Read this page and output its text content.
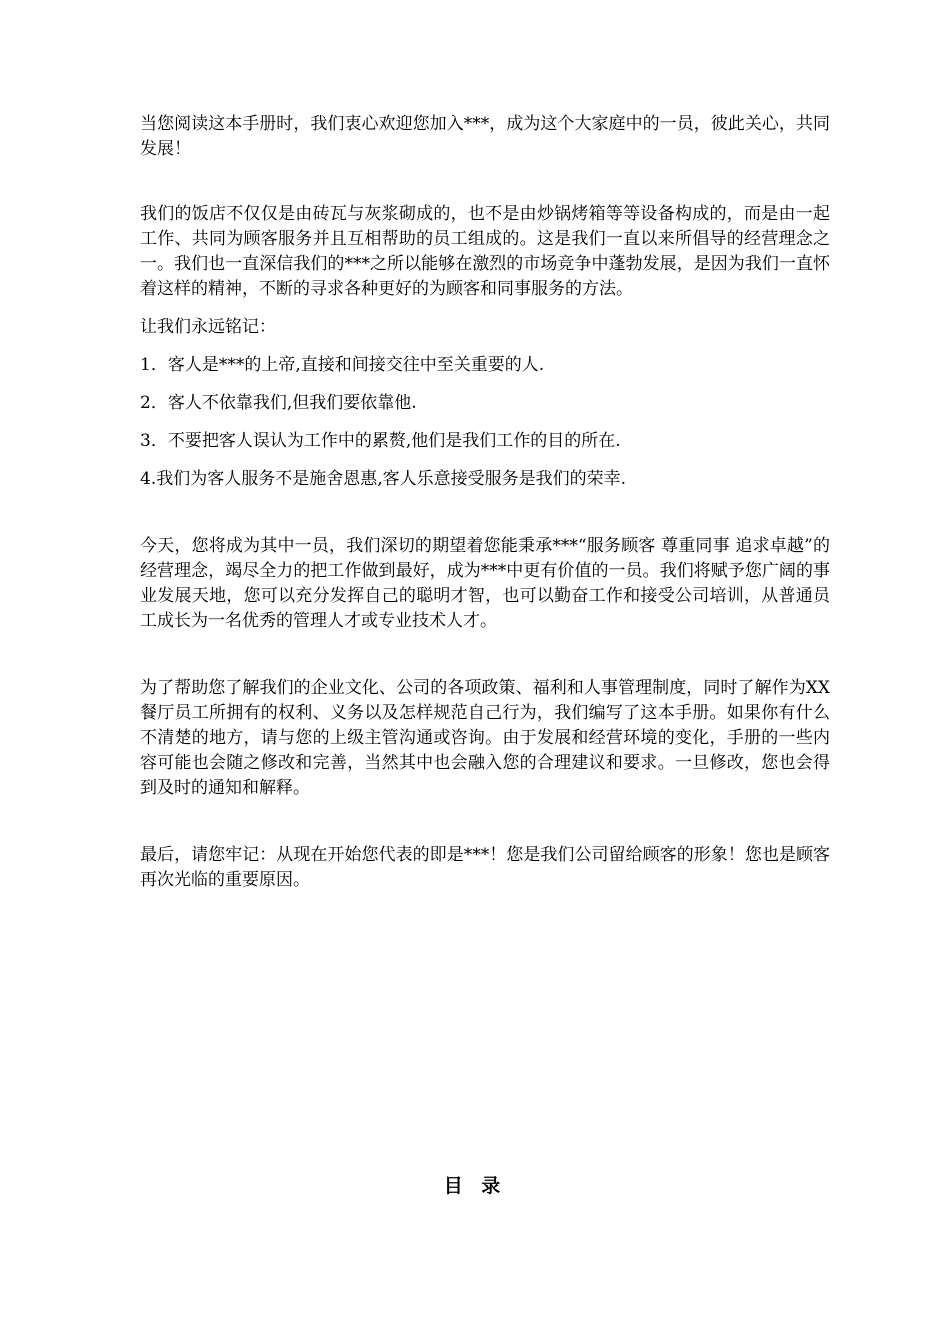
当您阅读这本手册时，我们衷心欢迎您加入***，成为这个大家庭中的一员，彼此关心，共同发展！

我们的饭店不仅仅是由砖瓦与灰浆砌成的，也不是由炒锅烤箱等等设备构成的，而是由一起工作、共同为顾客服务并且互相帮助的员工组成的。这是我们一直以来所倡导的经营理念之一。我们也一直深信我们的***之所以能够在激烈的市场竞争中蓬勃发展，是因为我们一直怀着这样的精神，不断的寻求各种更好的为顾客和同事服务的方法。

让我们永远铭记：

1．客人是***的上帝,直接和间接交往中至关重要的人.

2．客人不依靠我们,但我们要依靠他.

3．不要把客人误认为工作中的累赘,他们是我们工作的目的所在.

4.我们为客人服务不是施舍恩惠,客人乐意接受服务是我们的荣幸.

今天，您将成为其中一员，我们深切的期望着您能秉承***“服务顾客 尊重同事 追求卓越”的经营理念，竭尽全力的把工作做到最好，成为***中更有价值的一员。我们将赋予您广阔的事业发展天地，您可以充分发挥自己的聪明才智，也可以勤奋工作和接受公司培训，从普通员工成长为一名优秀的管理人才或专业技术人才。

为了帮助您了解我们的企业文化、公司的各项政策、福利和人事管理制度，同时了解作为XX餐厅员工所拥有的权利、义务以及怎样规范自己行为，我们编写了这本手册。如果你有什么不清楚的地方，请与您的上级主管沟通或咨询。由于发展和经营环境的变化，手册的一些内容可能也会随之修改和完善，当然其中也会融入您的合理建议和要求。一旦修改，您也会得到及时的通知和解释。

最后，请您牢记：从现在开始您代表的即是***！您是我们公司留给顾客的形象！您也是顾客再次光临的重要原因。

目 录
